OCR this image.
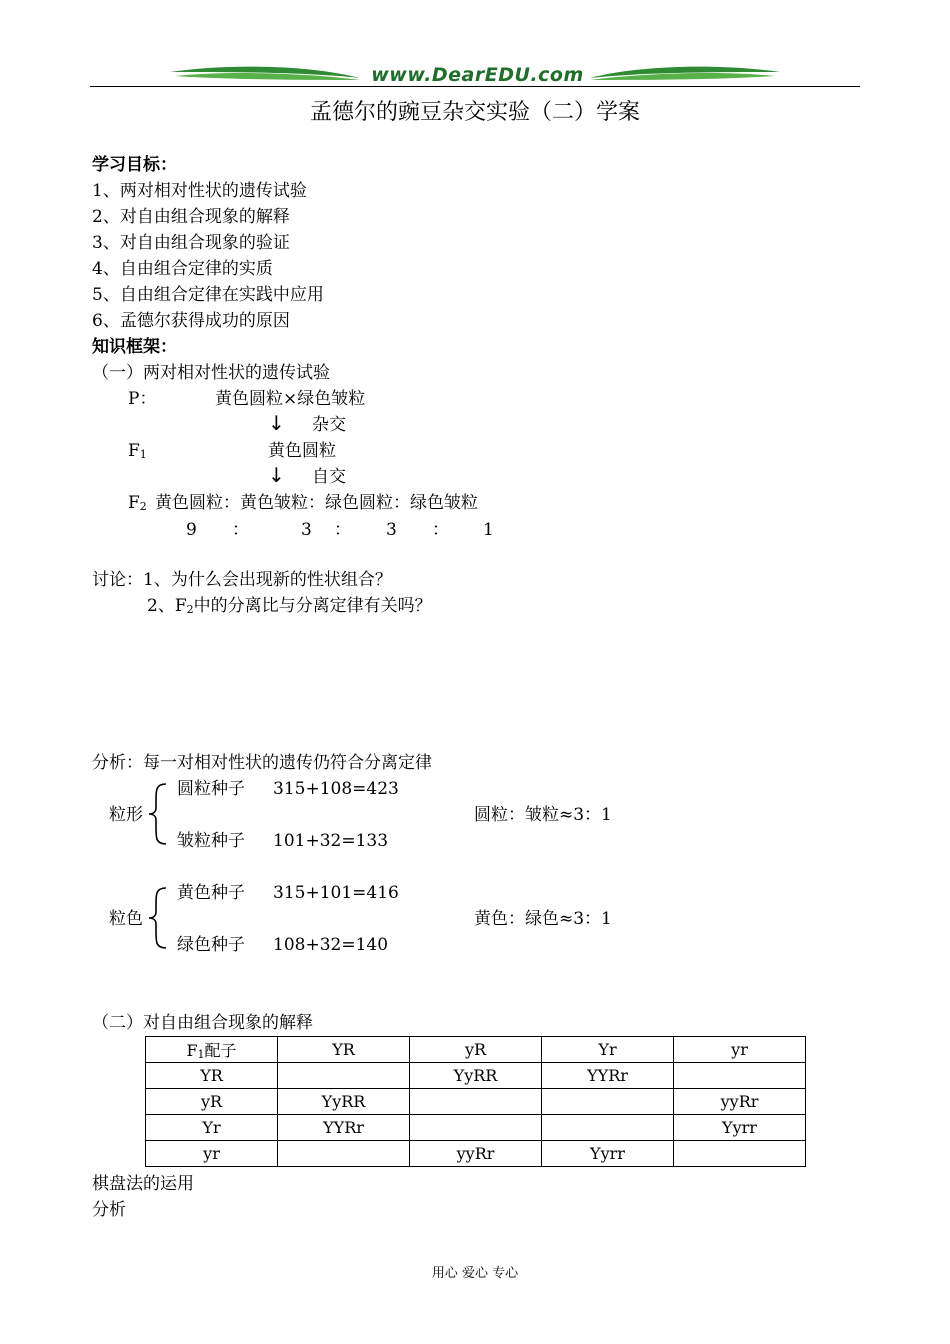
www.DearEDU.com
孟德尔的豌豆杂交实验（二）学案
学习目标：
1、两对相对性状的遗传试验
2、对自由组合现象的解释
3、对自由组合现象的验证
4、自由组合定律的实质
5、自由组合定律在实践中应用
6、孟德尔获得成功的原因
知识框架：
（一）两对相对性状的遗传试验
P：	黄色圆粒×绿色皱粒
↓ 杂交
F1	黄色圆粒
↓ 自交
F2 黄色圆粒：黄色皱粒：绿色圆粒：绿色皱粒
9 ：	3 ： 3 ： 1
讨论：1、为什么会出现新的性状组合？
2、F2中的分离比与分离定律有关吗？
分析：每一对相对性状的遗传仍符合分离定律
粒形
圆粒种子 315+108=423
圆粒：皱粒≈3：1
皱粒种子 101+32=133
粒色
黄色种子 315+101=416
黄色：绿色≈3：1
绿色种子 108+32=140
（二）对自由组合现象的解释
F1配子	YR	yR	Yr	yr
YR		YyRR	YYRr	
yR	YyRR			yyRr
Yr	YYRr			Yyrr
yr		yyRr	Yyrr	
棋盘法的运用
分析
用心 爱心 专心
